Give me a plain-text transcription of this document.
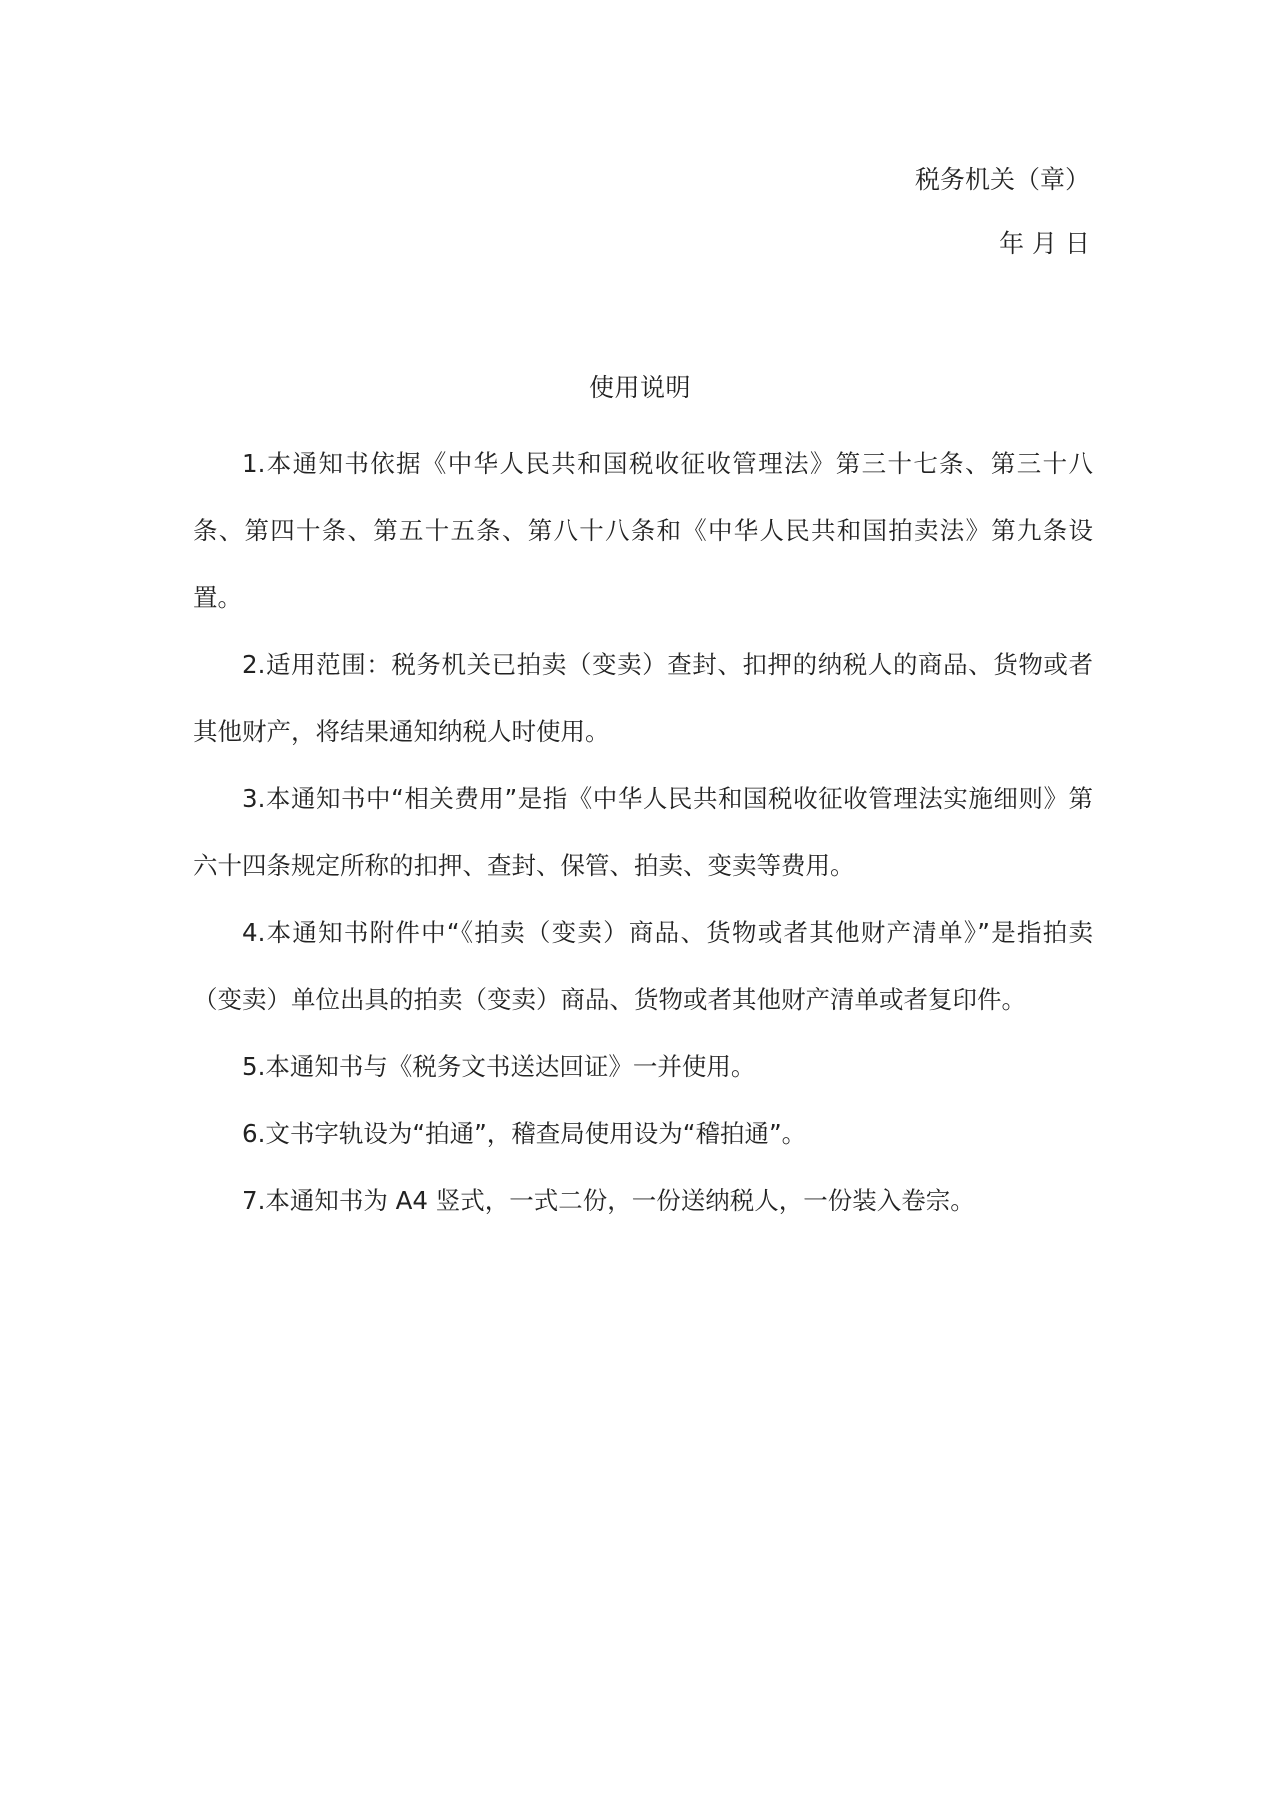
税务机关（章）
年 月 日
使用说明

1.本通知书依据《中华人民共和国税收征收管理法》第三十七条、第三十八条、第四十条、第五十五条、第八十八条和《中华人民共和国拍卖法》第九条设置。

2.适用范围：税务机关已拍卖（变卖）查封、扣押的纳税人的商品、货物或者其他财产，将结果通知纳税人时使用。

3.本通知书中“相关费用”是指《中华人民共和国税收征收管理法实施细则》第六十四条规定所称的扣押、查封、保管、拍卖、变卖等费用。

4.本通知书附件中“《拍卖（变卖）商品、货物或者其他财产清单》”是指拍卖（变卖）单位出具的拍卖（变卖）商品、货物或者其他财产清单或者复印件。

5.本通知书与《税务文书送达回证》一并使用。

6.文书字轨设为“拍通”，稽查局使用设为“稽拍通”。

7.本通知书为 A4 竖式，一式二份，一份送纳税人，一份装入卷宗。
